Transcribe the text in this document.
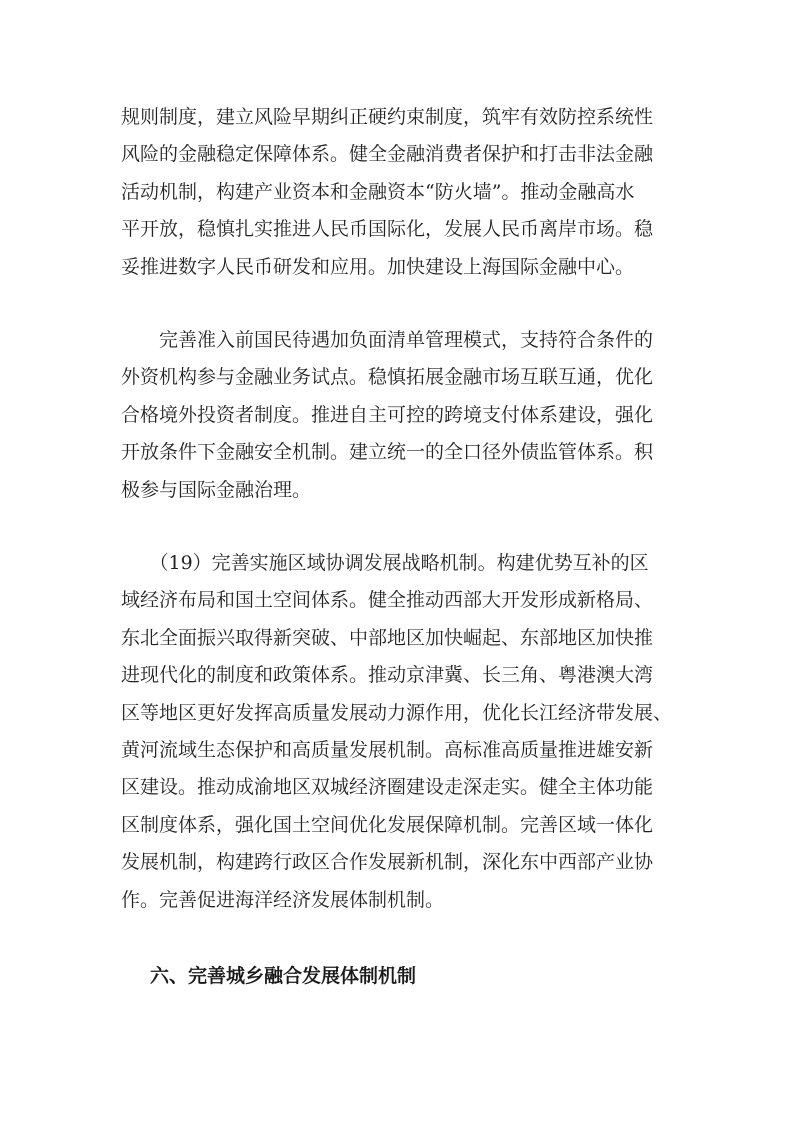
规则制度，建立风险早期纠正硬约束制度，筑牢有效防控系统性
风险的金融稳定保障体系。健全金融消费者保护和打击非法金融
活动机制，构建产业资本和金融资本“防火墙”。推动金融高水
平开放，稳慎扎实推进人民币国际化，发展人民币离岸市场。稳
妥推进数字人民币研发和应用。加快建设上海国际金融中心。
　　完善准入前国民待遇加负面清单管理模式，支持符合条件的
外资机构参与金融业务试点。稳慎拓展金融市场互联互通，优化
合格境外投资者制度。推进自主可控的跨境支付体系建设，强化
开放条件下金融安全机制。建立统一的全口径外债监管体系。积
极参与国际金融治理。
　　（19）完善实施区域协调发展战略机制。构建优势互补的区
域经济布局和国土空间体系。健全推动西部大开发形成新格局、
东北全面振兴取得新突破、中部地区加快崛起、东部地区加快推
进现代化的制度和政策体系。推动京津冀、长三角、粤港澳大湾
区等地区更好发挥高质量发展动力源作用，优化长江经济带发展、
黄河流域生态保护和高质量发展机制。高标准高质量推进雄安新
区建设。推动成渝地区双城经济圈建设走深走实。健全主体功能
区制度体系，强化国土空间优化发展保障机制。完善区域一体化
发展机制，构建跨行政区合作发展新机制，深化东中西部产业协
作。完善促进海洋经济发展体制机制。
六、完善城乡融合发展体制机制
